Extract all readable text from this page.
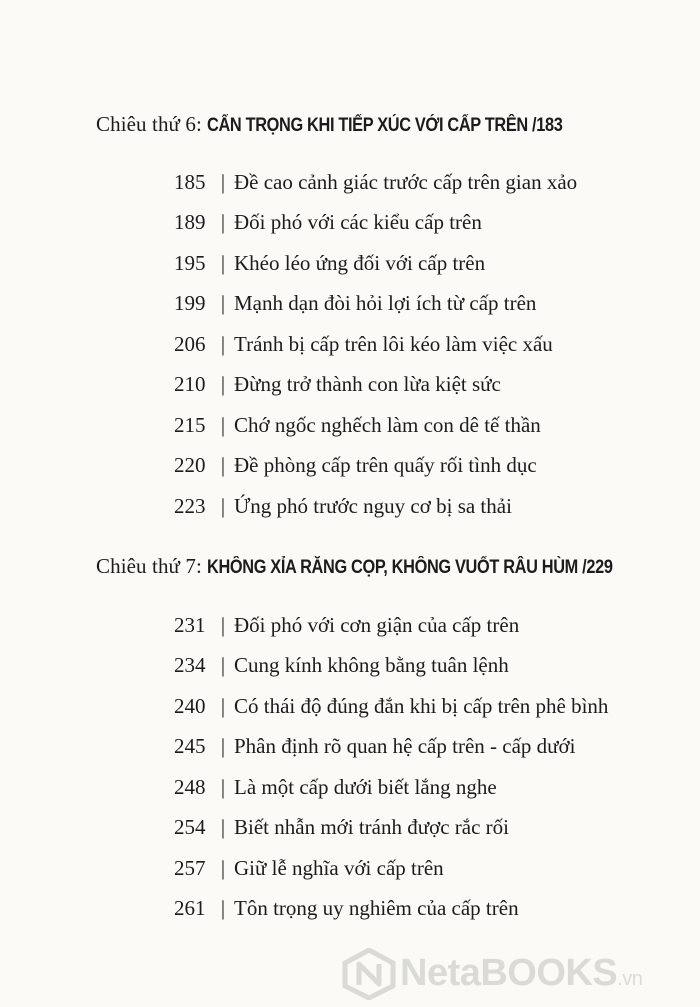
Chiêu thứ 6: CẨN TRỌNG KHI TIẾP XÚC VỚI CẤP TRÊN /183
185 | Đề cao cảnh giác trước cấp trên gian xảo
189 | Đối phó với các kiểu cấp trên
195 | Khéo léo ứng đối với cấp trên
199 | Mạnh dạn đòi hỏi lợi ích từ cấp trên
206 | Tránh bị cấp trên lôi kéo làm việc xấu
210 | Đừng trở thành con lừa kiệt sức
215 | Chớ ngốc nghếch làm con dê tế thần
220 | Đề phòng cấp trên quấy rối tình dục
223 | Ứng phó trước nguy cơ bị sa thải
Chiêu thứ 7: KHÔNG XỈA RĂNG CỌP, KHÔNG VUỐT RÂU HÙM /229
231 | Đối phó với cơn giận của cấp trên
234 | Cung kính không bằng tuân lệnh
240 | Có thái độ đúng đắn khi bị cấp trên phê bình
245 | Phân định rõ quan hệ cấp trên - cấp dưới
248 | Là một cấp dưới biết lắng nghe
254 | Biết nhẫn mới tránh được rắc rối
257 | Giữ lễ nghĩa với cấp trên
261 | Tôn trọng uy nghiêm của cấp trên
NetaBOOKS.vn
